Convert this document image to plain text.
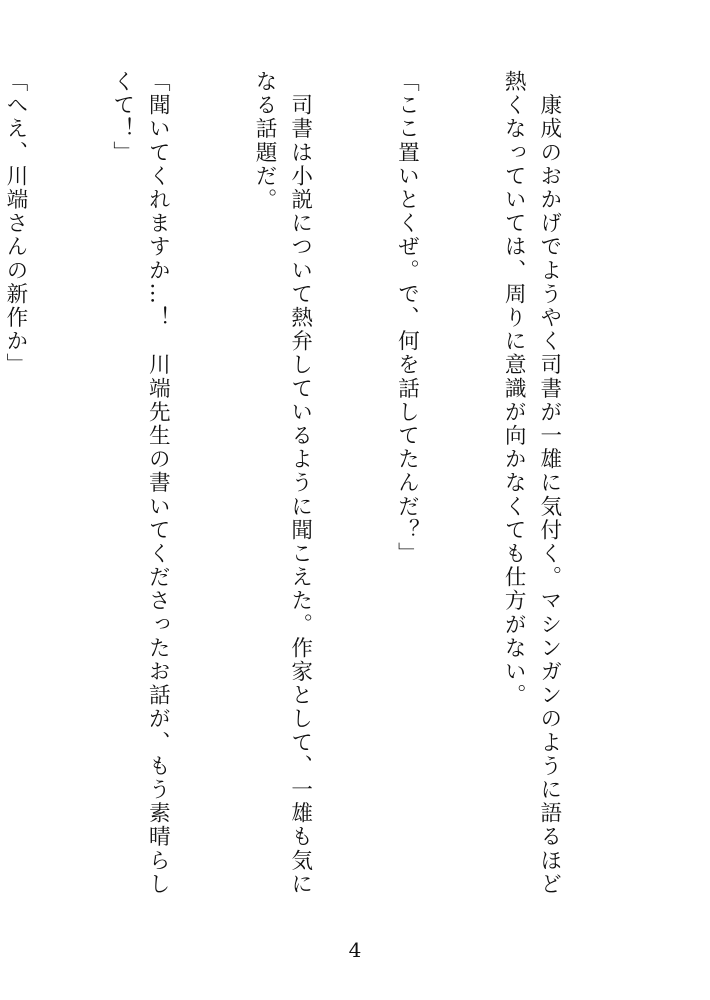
　康成のおかげでようやく司書が一雄に気付く。マシンガンのように語るほど熱くなっていては、周りに意識が向かなくても仕方がない。

「ここ置いとくぜ。で、何を話してたんだ？」

　司書は小説について熱弁しているように聞こえた。作家として、一雄も気になる話題だ。

「聞いてくれますか…！　川端先生の書いてくださったお話が、もう素晴らしくて！」

「へえ、川端さんの新作か」

4
